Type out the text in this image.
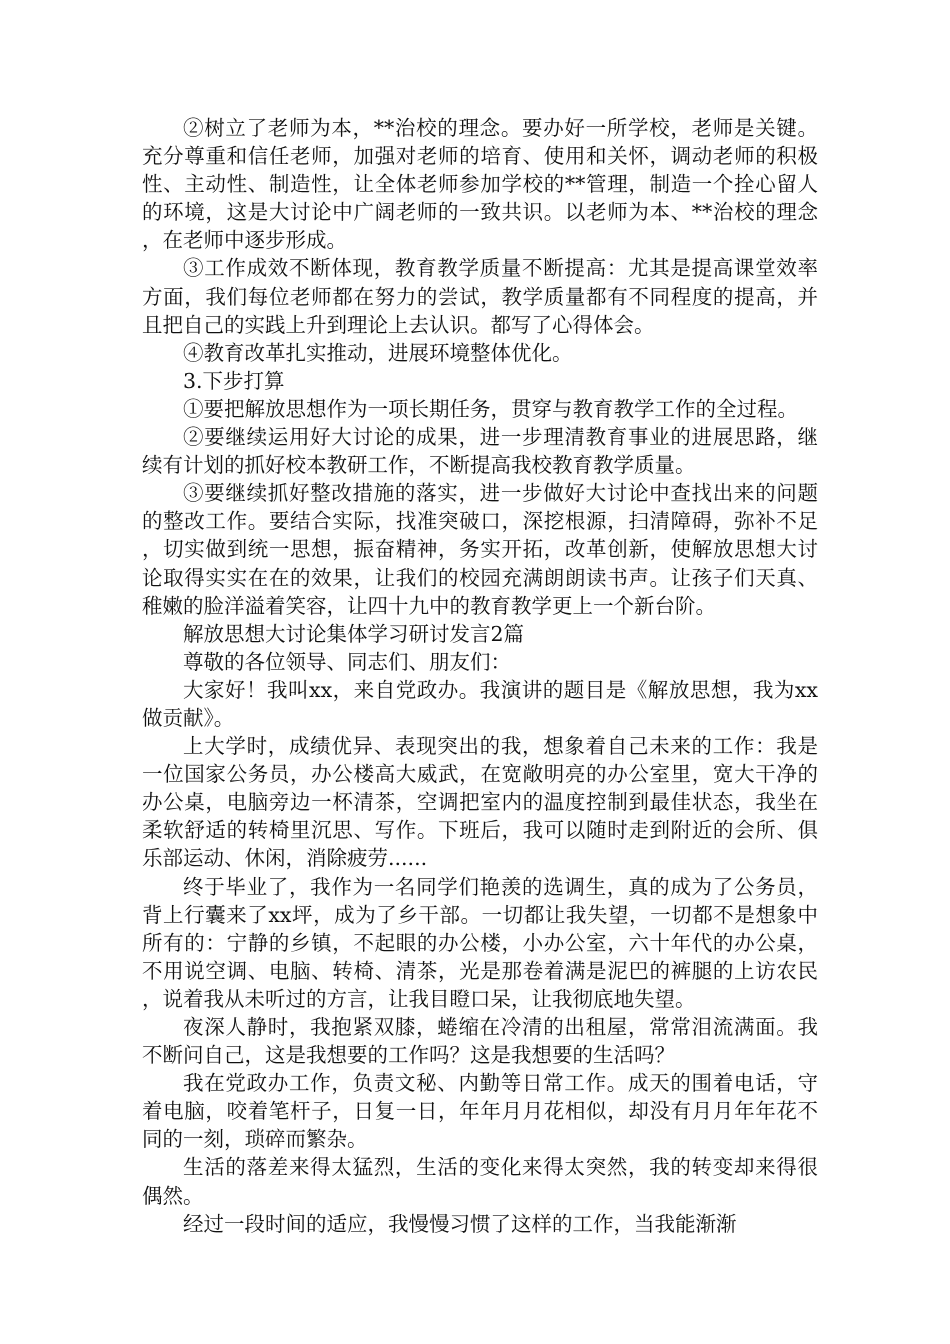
②树立了老师为本，**治校的理念。要办好一所学校，老师是关键。充分尊重和信任老师，加强对老师的培育、使用和关怀，调动老师的积极性、主动性、制造性，让全体老师参加学校的**管理，制造一个拴心留人的环境，这是大讨论中广阔老师的一致共识。以老师为本、**治校的理念，在老师中逐步形成。

③工作成效不断体现，教育教学质量不断提高：尤其是提高课堂效率方面，我们每位老师都在努力的尝试，教学质量都有不同程度的提高，并且把自己的实践上升到理论上去认识。都写了心得体会。

④教育改革扎实推动，进展环境整体优化。

3.下步打算

①要把解放思想作为一项长期任务，贯穿与教育教学工作的全过程。

②要继续运用好大讨论的成果，进一步理清教育事业的进展思路，继续有计划的抓好校本教研工作，不断提高我校教育教学质量。

③要继续抓好整改措施的落实，进一步做好大讨论中查找出来的问题的整改工作。要结合实际，找准突破口，深挖根源，扫清障碍，弥补不足，切实做到统一思想，振奋精神，务实开拓，改革创新，使解放思想大讨论取得实实在在的效果，让我们的校园充满朗朗读书声。让孩子们天真、稚嫩的脸洋溢着笑容，让四十九中的教育教学更上一个新台阶。

解放思想大讨论集体学习研讨发言2篇

尊敬的各位领导、同志们、朋友们：

大家好！我叫xx，来自党政办。我演讲的题目是《解放思想，我为xx做贡献》。

上大学时，成绩优异、表现突出的我，想象着自己未来的工作：我是一位国家公务员，办公楼高大威武，在宽敞明亮的办公室里，宽大干净的办公桌，电脑旁边一杯清茶，空调把室内的温度控制到最佳状态，我坐在柔软舒适的转椅里沉思、写作。下班后，我可以随时走到附近的会所、俱乐部运动、休闲，消除疲劳......

终于毕业了，我作为一名同学们艳羡的选调生，真的成为了公务员，背上行囊来了xx坪，成为了乡干部。一切都让我失望，一切都不是想象中所有的：宁静的乡镇，不起眼的办公楼，小办公室，六十年代的办公桌，不用说空调、电脑、转椅、清茶，光是那卷着满是泥巴的裤腿的上访农民，说着我从未听过的方言，让我目瞪口呆，让我彻底地失望。

夜深人静时，我抱紧双膝，蜷缩在冷清的出租屋，常常泪流满面。我不断问自己，这是我想要的工作吗？这是我想要的生活吗？

我在党政办工作，负责文秘、内勤等日常工作。成天的围着电话，守着电脑，咬着笔杆子，日复一日，年年月月花相似，却没有月月年年花不同的一刻，琐碎而繁杂。

生活的落差来得太猛烈，生活的变化来得太突然，我的转变却来得很偶然。

经过一段时间的适应，我慢慢习惯了这样的工作，当我能渐渐
